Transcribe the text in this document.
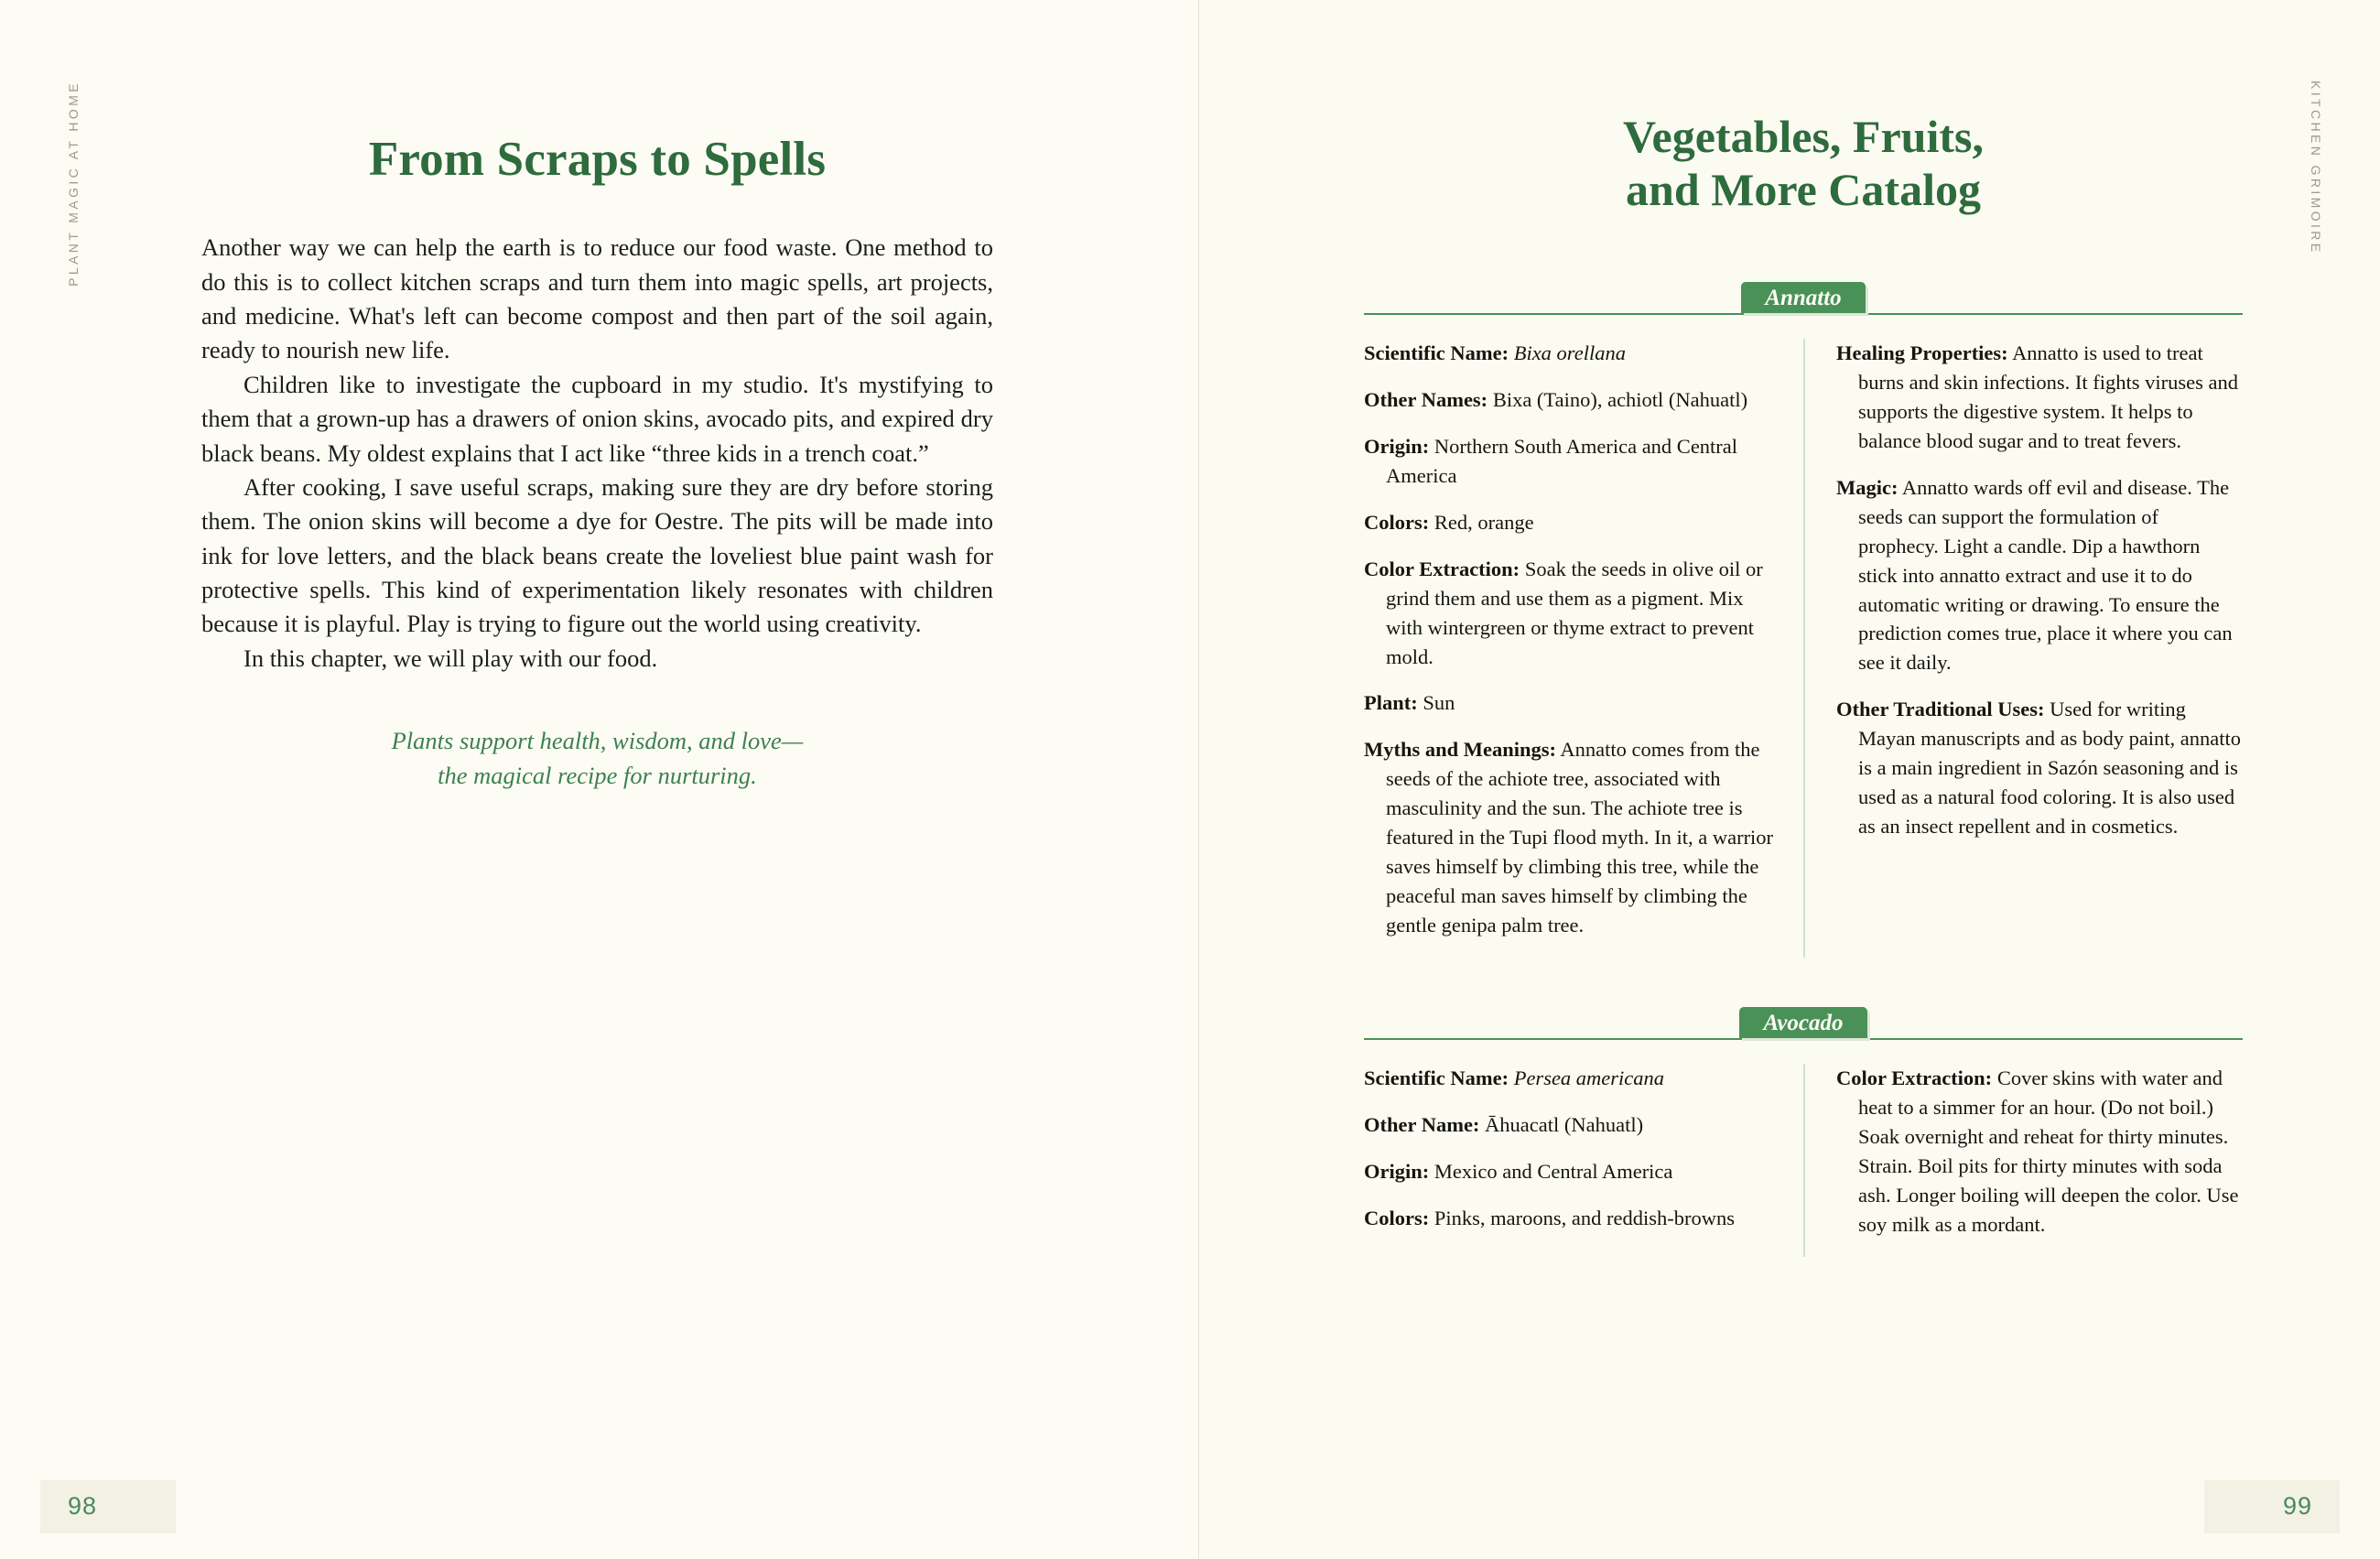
PLANT MAGIC AT HOME	From Scraps to Spells

Another way we can help the earth is to reduce our food waste. One method to do this is to collect kitchen scraps and turn them into magic spells, art projects, and medicine. What's left can become compost and then part of the soil again, ready to nourish new life.

Children like to investigate the cupboard in my studio. It's mystifying to them that a grown-up has a drawers of onion skins, avocado pits, and expired dry black beans. My oldest explains that I act like “three kids in a trench coat.”

After cooking, I save useful scraps, making sure they are dry before storing them. The onion skins will become a dye for Oestre. The pits will be made into ink for love letters, and the black beans create the loveliest blue paint wash for protective spells. This kind of experimentation likely resonates with children because it is playful. Play is trying to figure out the world using creativity.

In this chapter, we will play with our food.

Plants support health, wisdom, and love—
the magical recipe for nurturing.
98
KITCHEN GRIMOIRE
Vegetables, Fruits,
and More Catalog
Annatto
Scientific Name: Bixa orellana
Other Names: Bixa (Taino), achiotl (Nahuatl)
Origin: Northern South America and Central America
Colors: Red, orange
Color Extraction: Soak the seeds in olive oil or grind them and use them as a pigment. Mix with wintergreen or thyme extract to prevent mold.
Plant: Sun
Myths and Meanings: Annatto comes from the seeds of the achiote tree, associated with masculinity and the sun. The achiote tree is featured in the Tupi flood myth. In it, a warrior saves himself by climbing this tree, while the peaceful man saves himself by climbing the gentle genipa palm tree.
Healing Properties: Annatto is used to treat burns and skin infections. It fights viruses and supports the digestive system. It helps to balance blood sugar and to treat fevers.
Magic: Annatto wards off evil and disease. The seeds can support the formulation of prophecy. Light a candle. Dip a hawthorn stick into annatto extract and use it to do automatic writing or drawing. To ensure the prediction comes true, place it where you can see it daily.
Other Traditional Uses: Used for writing Mayan manuscripts and as body paint, annatto is a main ingredient in Sazón seasoning and is used as a natural food coloring. It is also used as an insect repellent and in cosmetics.
Avocado
Scientific Name: Persea americana
Other Name: Āhuacatl (Nahuatl)
Origin: Mexico and Central America
Colors: Pinks, maroons, and reddish-browns
Color Extraction: Cover skins with water and heat to a simmer for an hour. (Do not boil.) Soak overnight and reheat for thirty minutes. Strain. Boil pits for thirty minutes with soda ash. Longer boiling will deepen the color. Use soy milk as a mordant.
99
